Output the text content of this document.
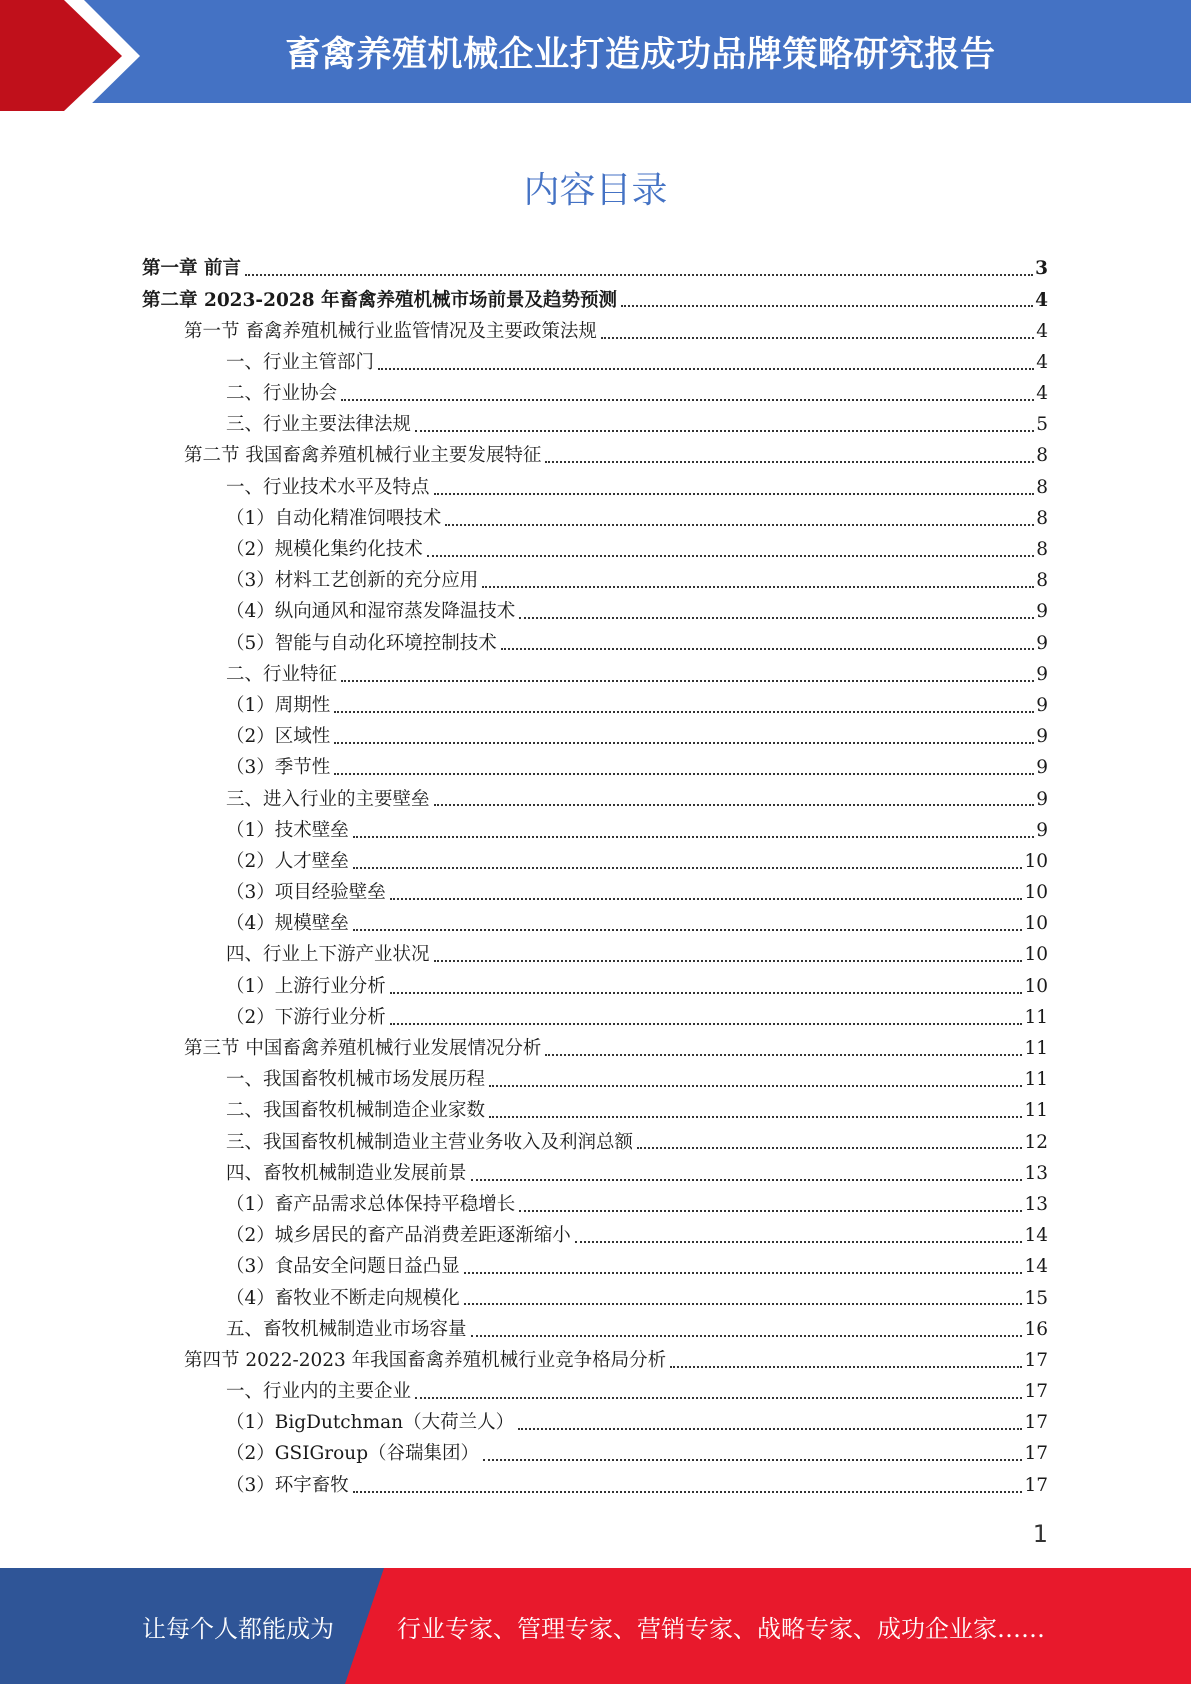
畜禽养殖机械企业打造成功品牌策略研究报告
内容目录
第一章 前言	3
第二章 2023-2028 年畜禽养殖机械市场前景及趋势预测	4
第一节 畜禽养殖机械行业监管情况及主要政策法规	4
一、行业主管部门	4
二、行业协会	4
三、行业主要法律法规	5
第二节 我国畜禽养殖机械行业主要发展特征	8
一、行业技术水平及特点	8
（1）自动化精准饲喂技术	8
（2）规模化集约化技术	8
（3）材料工艺创新的充分应用	8
（4）纵向通风和湿帘蒸发降温技术	9
（5）智能与自动化环境控制技术	9
二、行业特征	9
（1）周期性	9
（2）区域性	9
（3）季节性	9
三、进入行业的主要壁垒	9
（1）技术壁垒	9
（2）人才壁垒	10
（3）项目经验壁垒	10
（4）规模壁垒	10
四、行业上下游产业状况	10
（1）上游行业分析	10
（2）下游行业分析	11
第三节 中国畜禽养殖机械行业发展情况分析	11
一、我国畜牧机械市场发展历程	11
二、我国畜牧机械制造企业家数	11
三、我国畜牧机械制造业主营业务收入及利润总额	12
四、畜牧机械制造业发展前景	13
（1）畜产品需求总体保持平稳增长	13
（2）城乡居民的畜产品消费差距逐渐缩小	14
（3）食品安全问题日益凸显	14
（4）畜牧业不断走向规模化	15
五、畜牧机械制造业市场容量	16
第四节 2022-2023 年我国畜禽养殖机械行业竞争格局分析	17
一、行业内的主要企业	17
（1）BigDutchman（大荷兰人）	17
（2）GSIGroup（谷瑞集团）	17
（3）环宇畜牧	17
1
让每个人都能成为	行业专家、管理专家、营销专家、战略专家、成功企业家……
